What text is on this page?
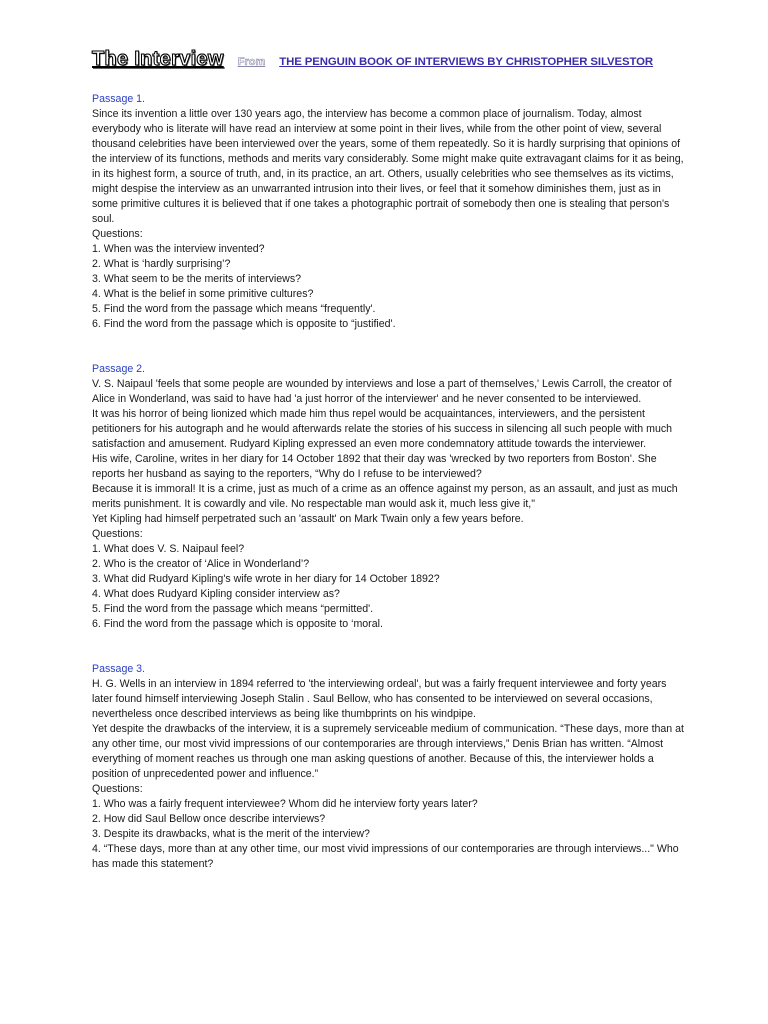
The Interview From THE PENGUIN BOOK OF INTERVIEWS BY CHRISTOPHER SILVESTOR

Passage 1.

Since its invention a little over 130 years ago, the interview has become a common place of journalism. Today, almost everybody who is literate will have read an interview at some point in their lives, while from the other point of view, several thousand celebrities have been interviewed over the years, some of them repeatedly. So it is hardly surprising that opinions of the interview of its functions, methods and merits vary considerably. Some might make quite extravagant claims for it as being, in its highest form, a source of truth, and, in its practice, an art. Others, usually celebrities who see themselves as its victims, might despise the interview as an unwarranted intrusion into their lives, or feel that it somehow diminishes them, just as in some primitive cultures it is believed that if one takes a photographic portrait of somebody then one is stealing that person's soul.

Questions:

1. When was the interview invented?
2. What is ‘hardly surprising’?
3. What seem to be the merits of interviews?
4. What is the belief in some primitive cultures?
5. Find the word from the passage which means “frequently'.
6. Find the word from the passage which is opposite to “justified'.

Passage 2.

V. S. Naipaul 'feels that some people are wounded by interviews and lose a part of themselves,' Lewis Carroll, the creator of Alice in Wonderland, was said to have had 'a just horror of the interviewer' and he never consented to be interviewed.

It was his horror of being lionized which made him thus repel would be acquaintances, interviewers, and the persistent petitioners for his autograph and he would afterwards relate the stories of his success in silencing all such people with much satisfaction and amusement. Rudyard Kipling expressed an even more condemnatory attitude towards the interviewer.

His wife, Caroline, writes in her diary for 14 October 1892 that their day was 'wrecked by two reporters from Boston'. She reports her husband as saying to the reporters, “Why do I refuse to be interviewed?

Because it is immoral! It is a crime, just as much of a crime as an offence against my person, as an assault, and just as much merits punishment. It is cowardly and vile. No respectable man would ask it, much less give it,"

Yet Kipling had himself perpetrated such an 'assault' on Mark Twain only a few years before.

Questions:

1. What does V. S. Naipaul feel?
2. Who is the creator of ‘Alice in Wonderland’?
3. What did Rudyard Kipling's wife wrote in her diary for 14 October 1892?
4. What does Rudyard Kipling consider interview as?
5. Find the word from the passage which means “permitted'.
6. Find the word from the passage which is opposite to ‘moral.

Passage 3.

H. G. Wells in an interview in 1894 referred to 'the interviewing ordeal', but was a fairly frequent interviewee and forty years later found himself interviewing Joseph Stalin . Saul Bellow, who has consented to be interviewed on several occasions, nevertheless once described interviews as being like thumbprints on his windpipe.

Yet despite the drawbacks of the interview, it is a supremely serviceable medium of communication. “These days, more than at any other time, our most vivid impressions of our contemporaries are through interviews,” Denis Brian has written. “Almost everything of moment reaches us through one man asking questions of another. Because of this, the interviewer holds a position of unprecedented power and influence.”

Questions:

1. Who was a fairly frequent interviewee? Whom did he interview forty years later?
2. How did Saul Bellow once describe interviews?
3. Despite its drawbacks, what is the merit of the interview?
4. “These days, more than at any other time, our most vivid impressions of our contemporaries are through interviews..." Who has made this statement?
